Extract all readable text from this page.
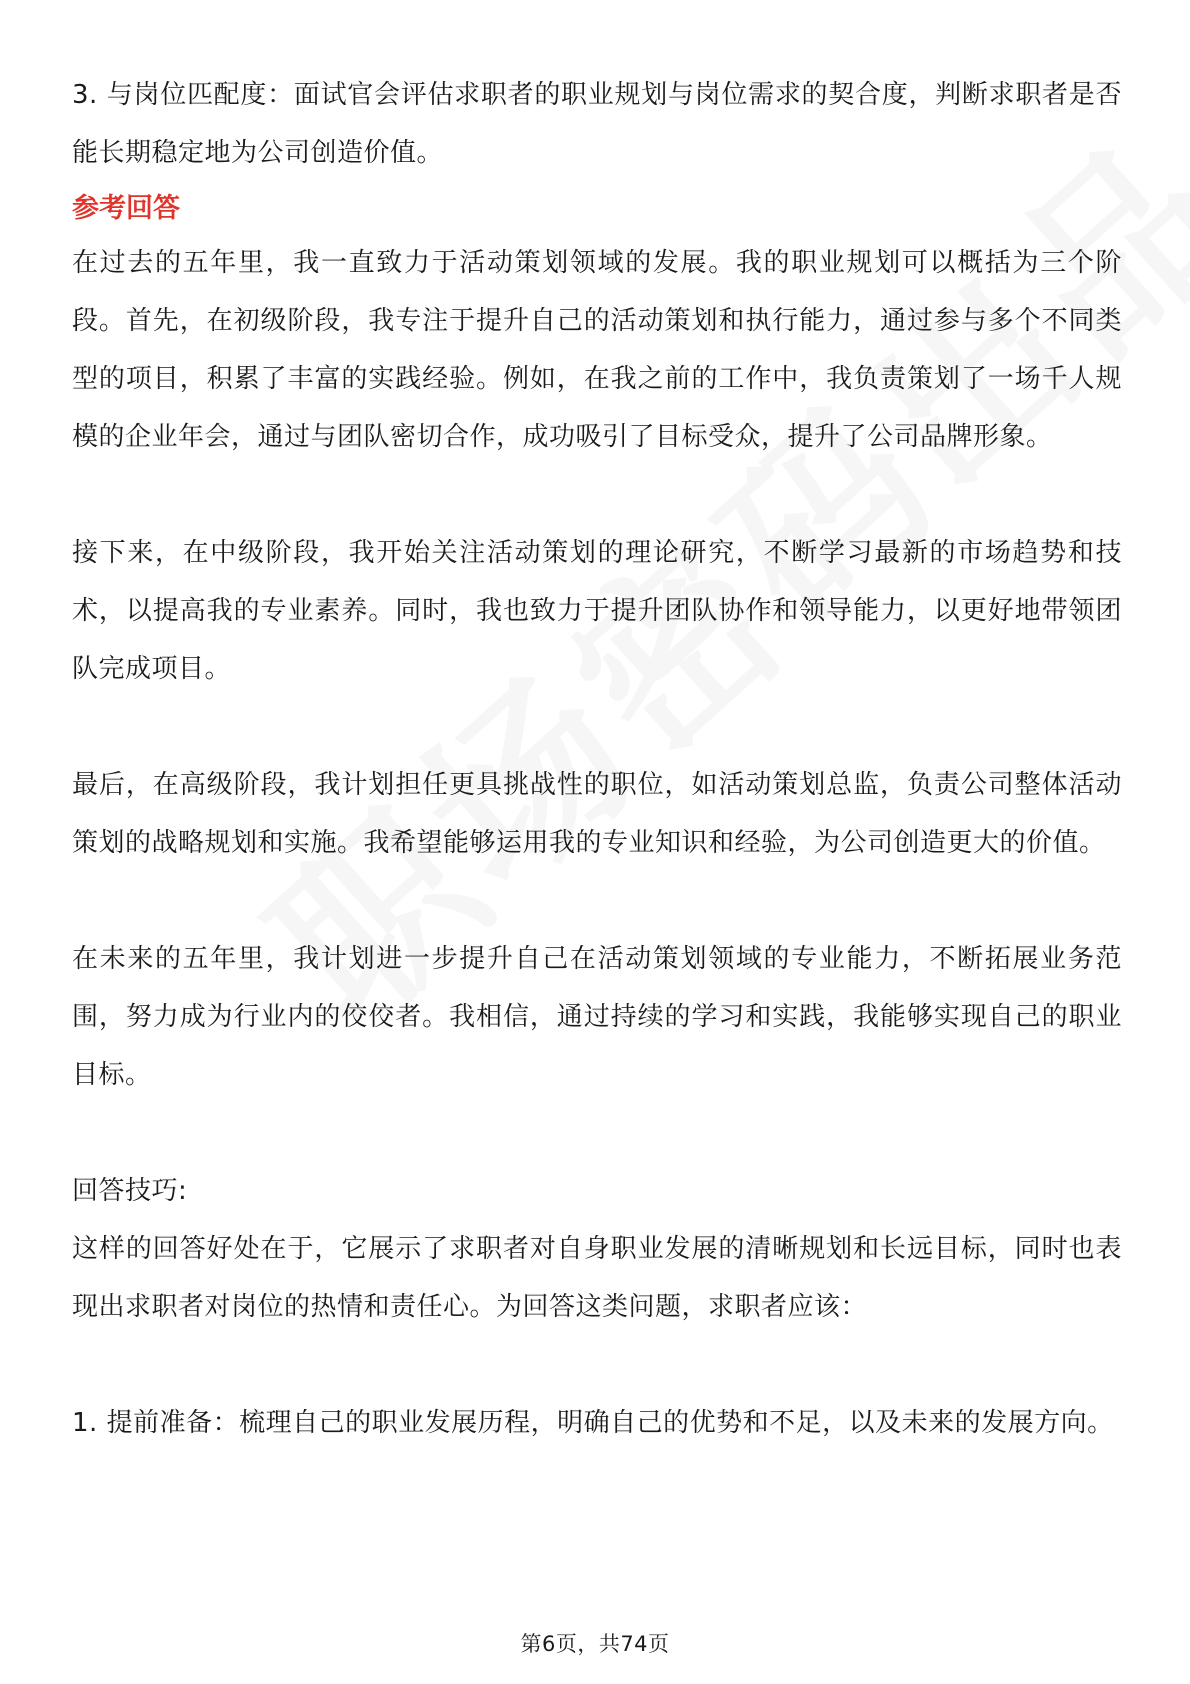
3. 与岗位匹配度：面试官会评估求职者的职业规划与岗位需求的契合度，判断求职者是否能长期稳定地为公司创造价值。

参考回答

在过去的五年里，我一直致力于活动策划领域的发展。我的职业规划可以概括为三个阶段。首先，在初级阶段，我专注于提升自己的活动策划和执行能力，通过参与多个不同类型的项目，积累了丰富的实践经验。例如，在我之前的工作中，我负责策划了一场千人规模的企业年会，通过与团队密切合作，成功吸引了目标受众，提升了公司品牌形象。

接下来，在中级阶段，我开始关注活动策划的理论研究，不断学习最新的市场趋势和技术，以提高我的专业素养。同时，我也致力于提升团队协作和领导能力，以更好地带领团队完成项目。

最后，在高级阶段，我计划担任更具挑战性的职位，如活动策划总监，负责公司整体活动策划的战略规划和实施。我希望能够运用我的专业知识和经验，为公司创造更大的价值。

在未来的五年里，我计划进一步提升自己在活动策划领域的专业能力，不断拓展业务范围，努力成为行业内的佼佼者。我相信，通过持续的学习和实践，我能够实现自己的职业目标。

回答技巧:

这样的回答好处在于，它展示了求职者对自身职业发展的清晰规划和长远目标，同时也表现出求职者对岗位的热情和责任心。为回答这类问题，求职者应该：

1. 提前准备：梳理自己的职业发展历程，明确自己的优势和不足，以及未来的发展方向。

第6页，共74页
